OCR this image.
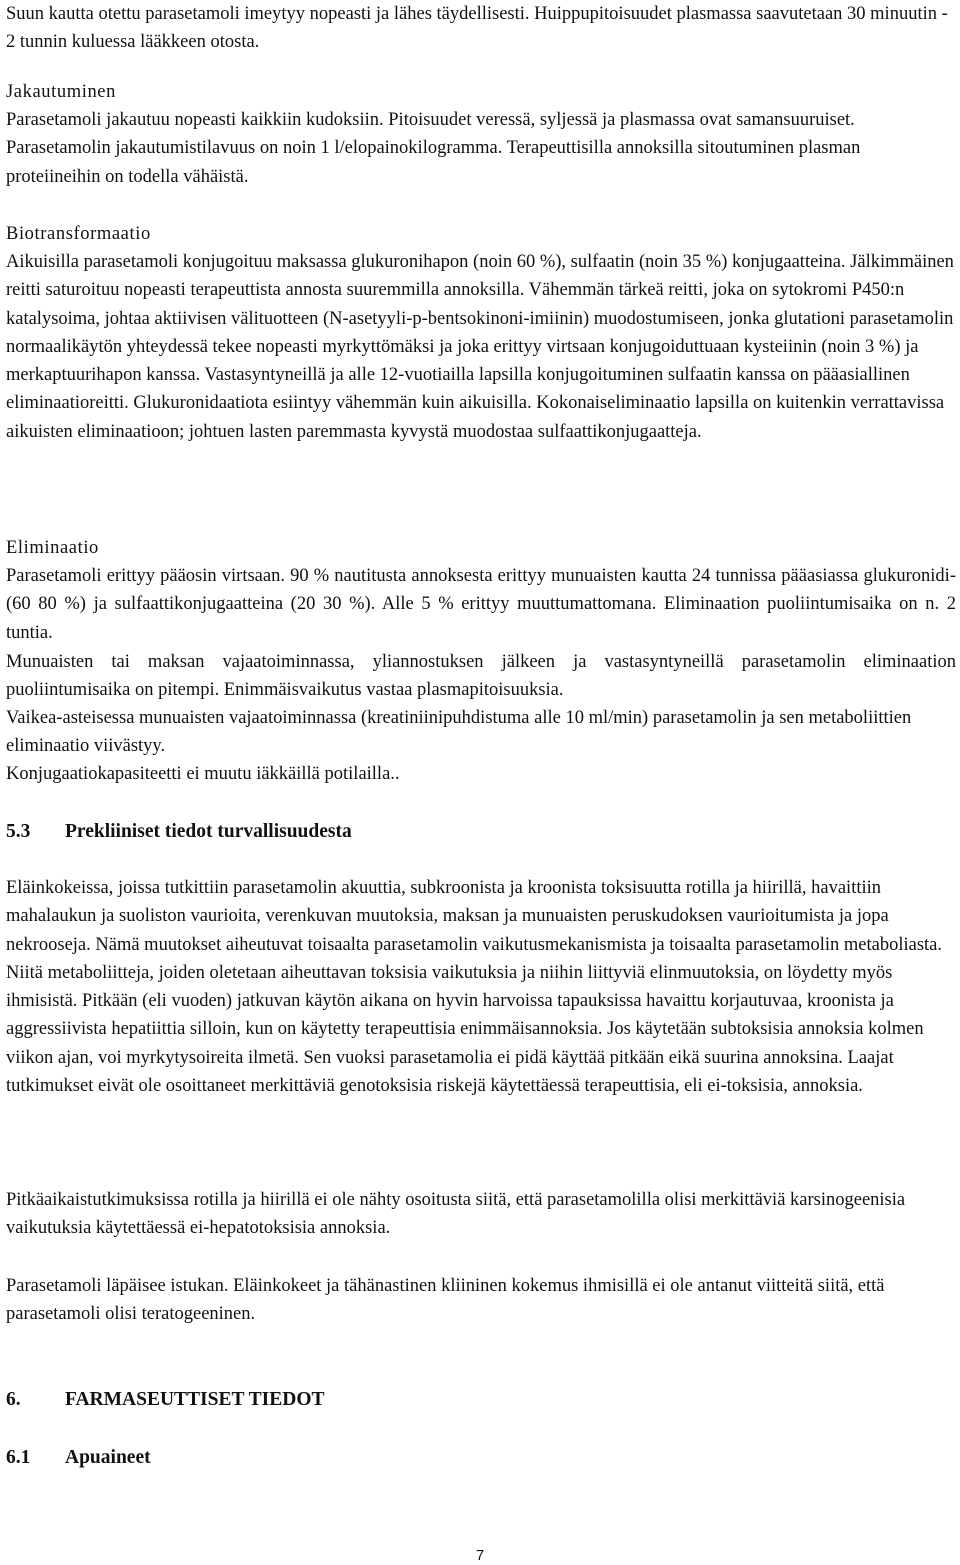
Suun kautta otettu parasetamoli imeytyy nopeasti ja lähes täydellisesti. Huippupitoisuudet plasmassa saavutetaan 30 minuutin - 2 tunnin kuluessa lääkkeen otosta.

Jakautuminen

Parasetamoli jakautuu nopeasti kaikkiin kudoksiin. Pitoisuudet veressä, syljessä ja plasmassa ovat samansuuruiset. Parasetamolin jakautumistilavuus on noin 1 l/elopainokilogramma. Terapeuttisilla annoksilla sitoutuminen plasman proteiineihin on todella vähäistä.

Biotransformaatio

Aikuisilla parasetamoli konjugoituu maksassa glukuronihapon (noin 60 %), sulfaatin (noin 35 %) konjugaatteina. Jälkimmäinen reitti saturoituu nopeasti terapeuttista annosta suuremmilla annoksilla. Vähemmän tärkeä reitti, joka on sytokromi P450:n katalysoima, johtaa aktiivisen välituotteen (N-asetyyli-p-bentsokinoni-imiinin) muodostumiseen, jonka glutationi parasetamolin normaalikäytön yhteydessä tekee nopeasti myrkyttömäksi ja joka erittyy virtsaan konjugoiduttuaan kysteiinin (noin 3 %) ja merkaptuurihapon kanssa. Vastasyntyneillä ja alle 12-vuotiailla lapsilla konjugoituminen sulfaatin kanssa on pääasiallinen eliminaatioreitti. Glukuronidaatiota esiintyy vähemmän kuin aikuisilla. Kokonaiseliminaatio lapsilla on kuitenkin verrattavissa aikuisten eliminaatioon; johtuen lasten paremmasta kyvystä muodostaa sulfaattikonjugaatteja.

Eliminaatio

Parasetamoli erittyy pääosin virtsaan. 90 % nautitusta annoksesta erittyy munuaisten kautta 24 tunnissa pääasiassa glukuronidi- (60 80 %) ja sulfaattikonjugaatteina (20 30 %). Alle 5 % erittyy muuttumattomana. Eliminaation puoliintumisaika on n. 2 tuntia.

Munuaisten tai maksan vajaatoiminnassa, yliannostuksen jälkeen ja vastasyntyneillä parasetamolin eliminaation puoliintumisaika on pitempi. Enimmäisvaikutus vastaa plasmapitoisuuksia.

Vaikea-asteisessa munuaisten vajaatoiminnassa (kreatiniinipuhdistuma alle 10 ml/min) parasetamolin ja sen metaboliittien eliminaatio viivästyy.

Konjugaatiokapasiteetti ei muutu iäkkäillä potilailla..

5.3 Prekliiniset tiedot turvallisuudesta

Eläinkokeissa, joissa tutkittiin parasetamolin akuuttia, subkroonista ja kroonista toksisuutta rotilla ja hiirillä, havaittiin mahalaukun ja suoliston vaurioita, verenkuvan muutoksia, maksan ja munuaisten peruskudoksen vaurioitumista ja jopa nekrooseja. Nämä muutokset aiheutuvat toisaalta parasetamolin vaikutusmekanismista ja toisaalta parasetamolin metaboliasta. Niitä metaboliitteja, joiden oletetaan aiheuttavan toksisia vaikutuksia ja niihin liittyviä elinmuutoksia, on löydetty myös ihmisistä. Pitkään (eli vuoden) jatkuvan käytön aikana on hyvin harvoissa tapauksissa havaittu korjautuvaa, kroonista ja aggressiivista hepatiittia silloin, kun on käytetty terapeuttisia enimmäisannoksia. Jos käytetään subtoksisia annoksia kolmen viikon ajan, voi myrkytysoireita ilmetä. Sen vuoksi parasetamolia ei pidä käyttää pitkään eikä suurina annoksina. Laajat tutkimukset eivät ole osoittaneet merkittäviä genotoksisia riskejä käytettäessä terapeuttisia, eli ei-toksisia, annoksia.

Pitkäaikaistutkimuksissa rotilla ja hiirillä ei ole nähty osoitusta siitä, että parasetamolilla olisi merkittäviä karsinogeenisia vaikutuksia käytettäessä ei-hepatotoksisia annoksia.

Parasetamoli läpäisee istukan. Eläinkokeet ja tähänastinen kliininen kokemus ihmisillä ei ole antanut viitteitä siitä, että parasetamoli olisi teratogeeninen.

6. FARMASEUTTISET TIEDOT
6.1 Apuaineet
7
